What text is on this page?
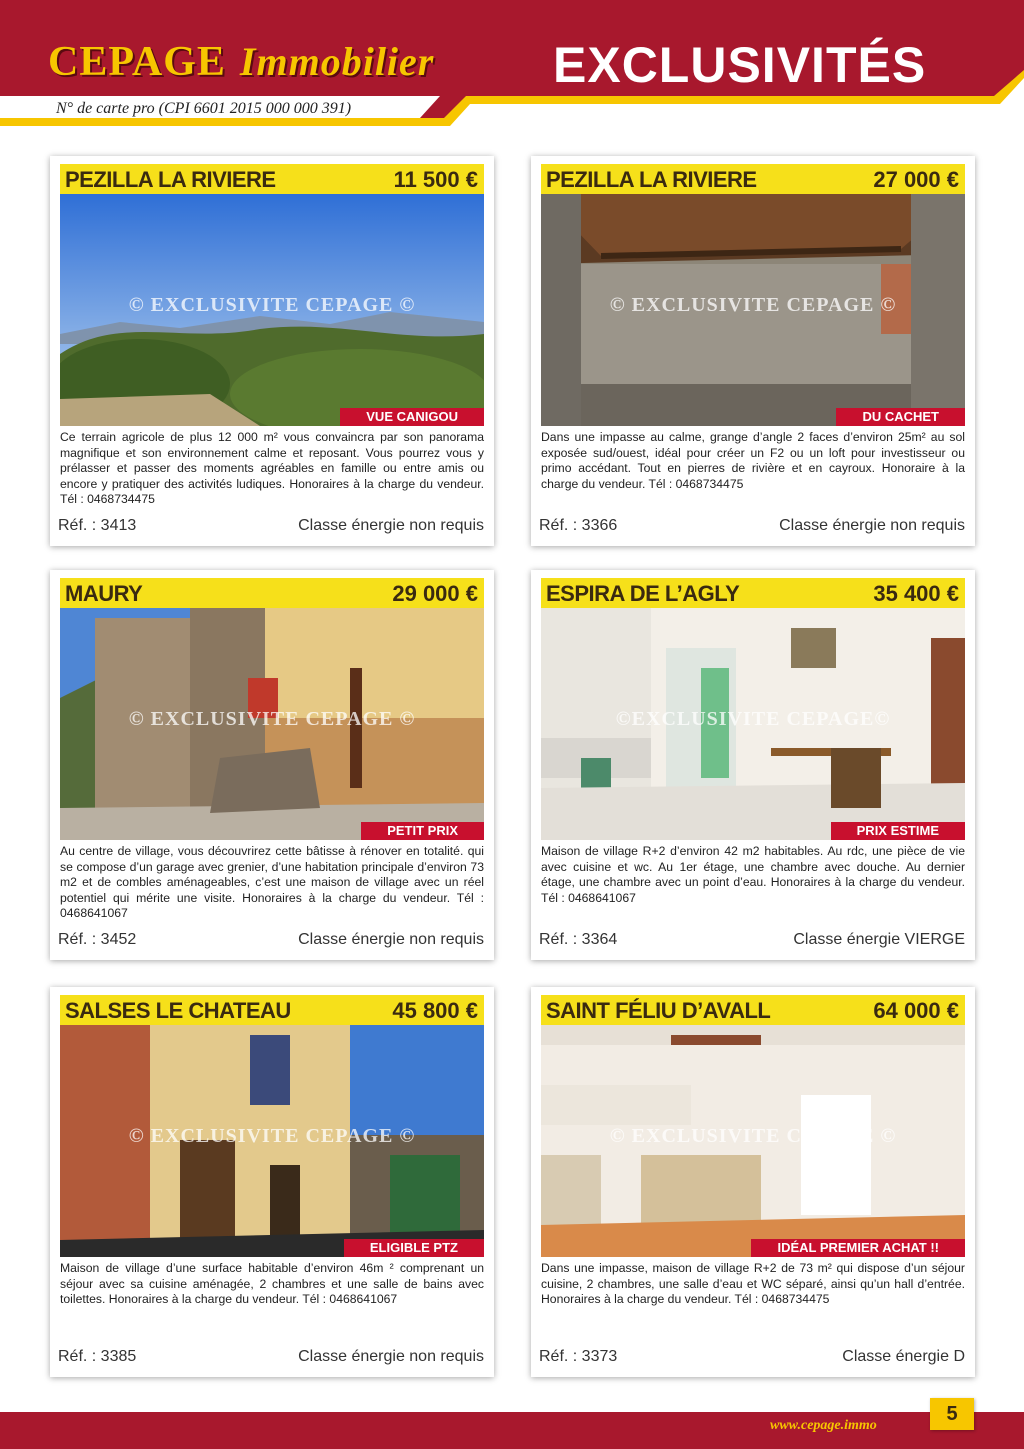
CEPAGE Immobilier EXCLUSIVITÉS
N° de carte pro (CPI 6601 2015 000 000 391)
PEZILLA LA RIVIERE	11 500 €
© EXCLUSIVITE CEPAGE ©
VUE CANIGOU
Ce terrain agricole de plus 12 000 m² vous convaincra par son panorama magnifique et son environnement calme et reposant. Vous pourrez vous y prélasser et passer des moments agréables en famille ou entre amis ou encore y pratiquer des activités ludiques. Honoraires à la charge du vendeur. Tél : 0468734475
Réf. : 3413	Classe énergie non requis
PEZILLA LA RIVIERE	27 000 €
© EXCLUSIVITE CEPAGE ©
DU CACHET
Dans une impasse au calme, grange d’angle 2 faces d’environ 25m² au sol exposée sud/ouest, idéal pour créer un F2 ou un loft pour investisseur ou primo accédant. Tout en pierres de rivière et en cayroux. Honoraire à la charge du vendeur. Tél : 0468734475
Réf. : 3366	Classe énergie non requis
MAURY	29 000 €
© EXCLUSIVITE CEPAGE ©
PETIT PRIX
Au centre de village, vous découvrirez cette bâtisse à rénover en totalité. qui se compose d’un garage avec grenier, d’une habitation principale d’environ 73 m2 et de combles aménageables, c’est une maison de village avec un réel potentiel qui mérite une visite. Honoraires à la charge du vendeur. Tél : 0468641067
Réf. : 3452	Classe énergie non requis
ESPIRA DE L’AGLY	35 400 €
©EXCLUSIVITE CEPAGE©
PRIX ESTIME
Maison de village R+2 d’environ 42 m2 habitables. Au rdc, une pièce de vie avec cuisine et wc. Au 1er étage, une chambre avec douche. Au dernier étage, une chambre avec un point d’eau. Honoraires à la charge du vendeur. Tél : 0468641067
Réf. : 3364	Classe énergie VIERGE
SALSES LE CHATEAU	45 800 €
© EXCLUSIVITE CEPAGE ©
ELIGIBLE PTZ
Maison de village d’une surface habitable d’environ 46m ² comprenant un séjour avec sa cuisine aménagée, 2 chambres et une salle de bains avec toilettes. Honoraires à la charge du vendeur. Tél : 0468641067
Réf. : 3385	Classe énergie non requis
SAINT FÉLIU D’AVALL	64 000 €
© EXCLUSIVITE CEPAGE ©
IDÉAL PREMIER ACHAT !!
Dans une impasse, maison de village R+2 de 73 m² qui dispose d’un séjour cuisine, 2 chambres, une salle d’eau et WC séparé, ainsi qu’un hall d’entrée. Honoraires à la charge du vendeur. Tél : 0468734475
Réf. : 3373	Classe énergie D
www.cepage.immo
5
